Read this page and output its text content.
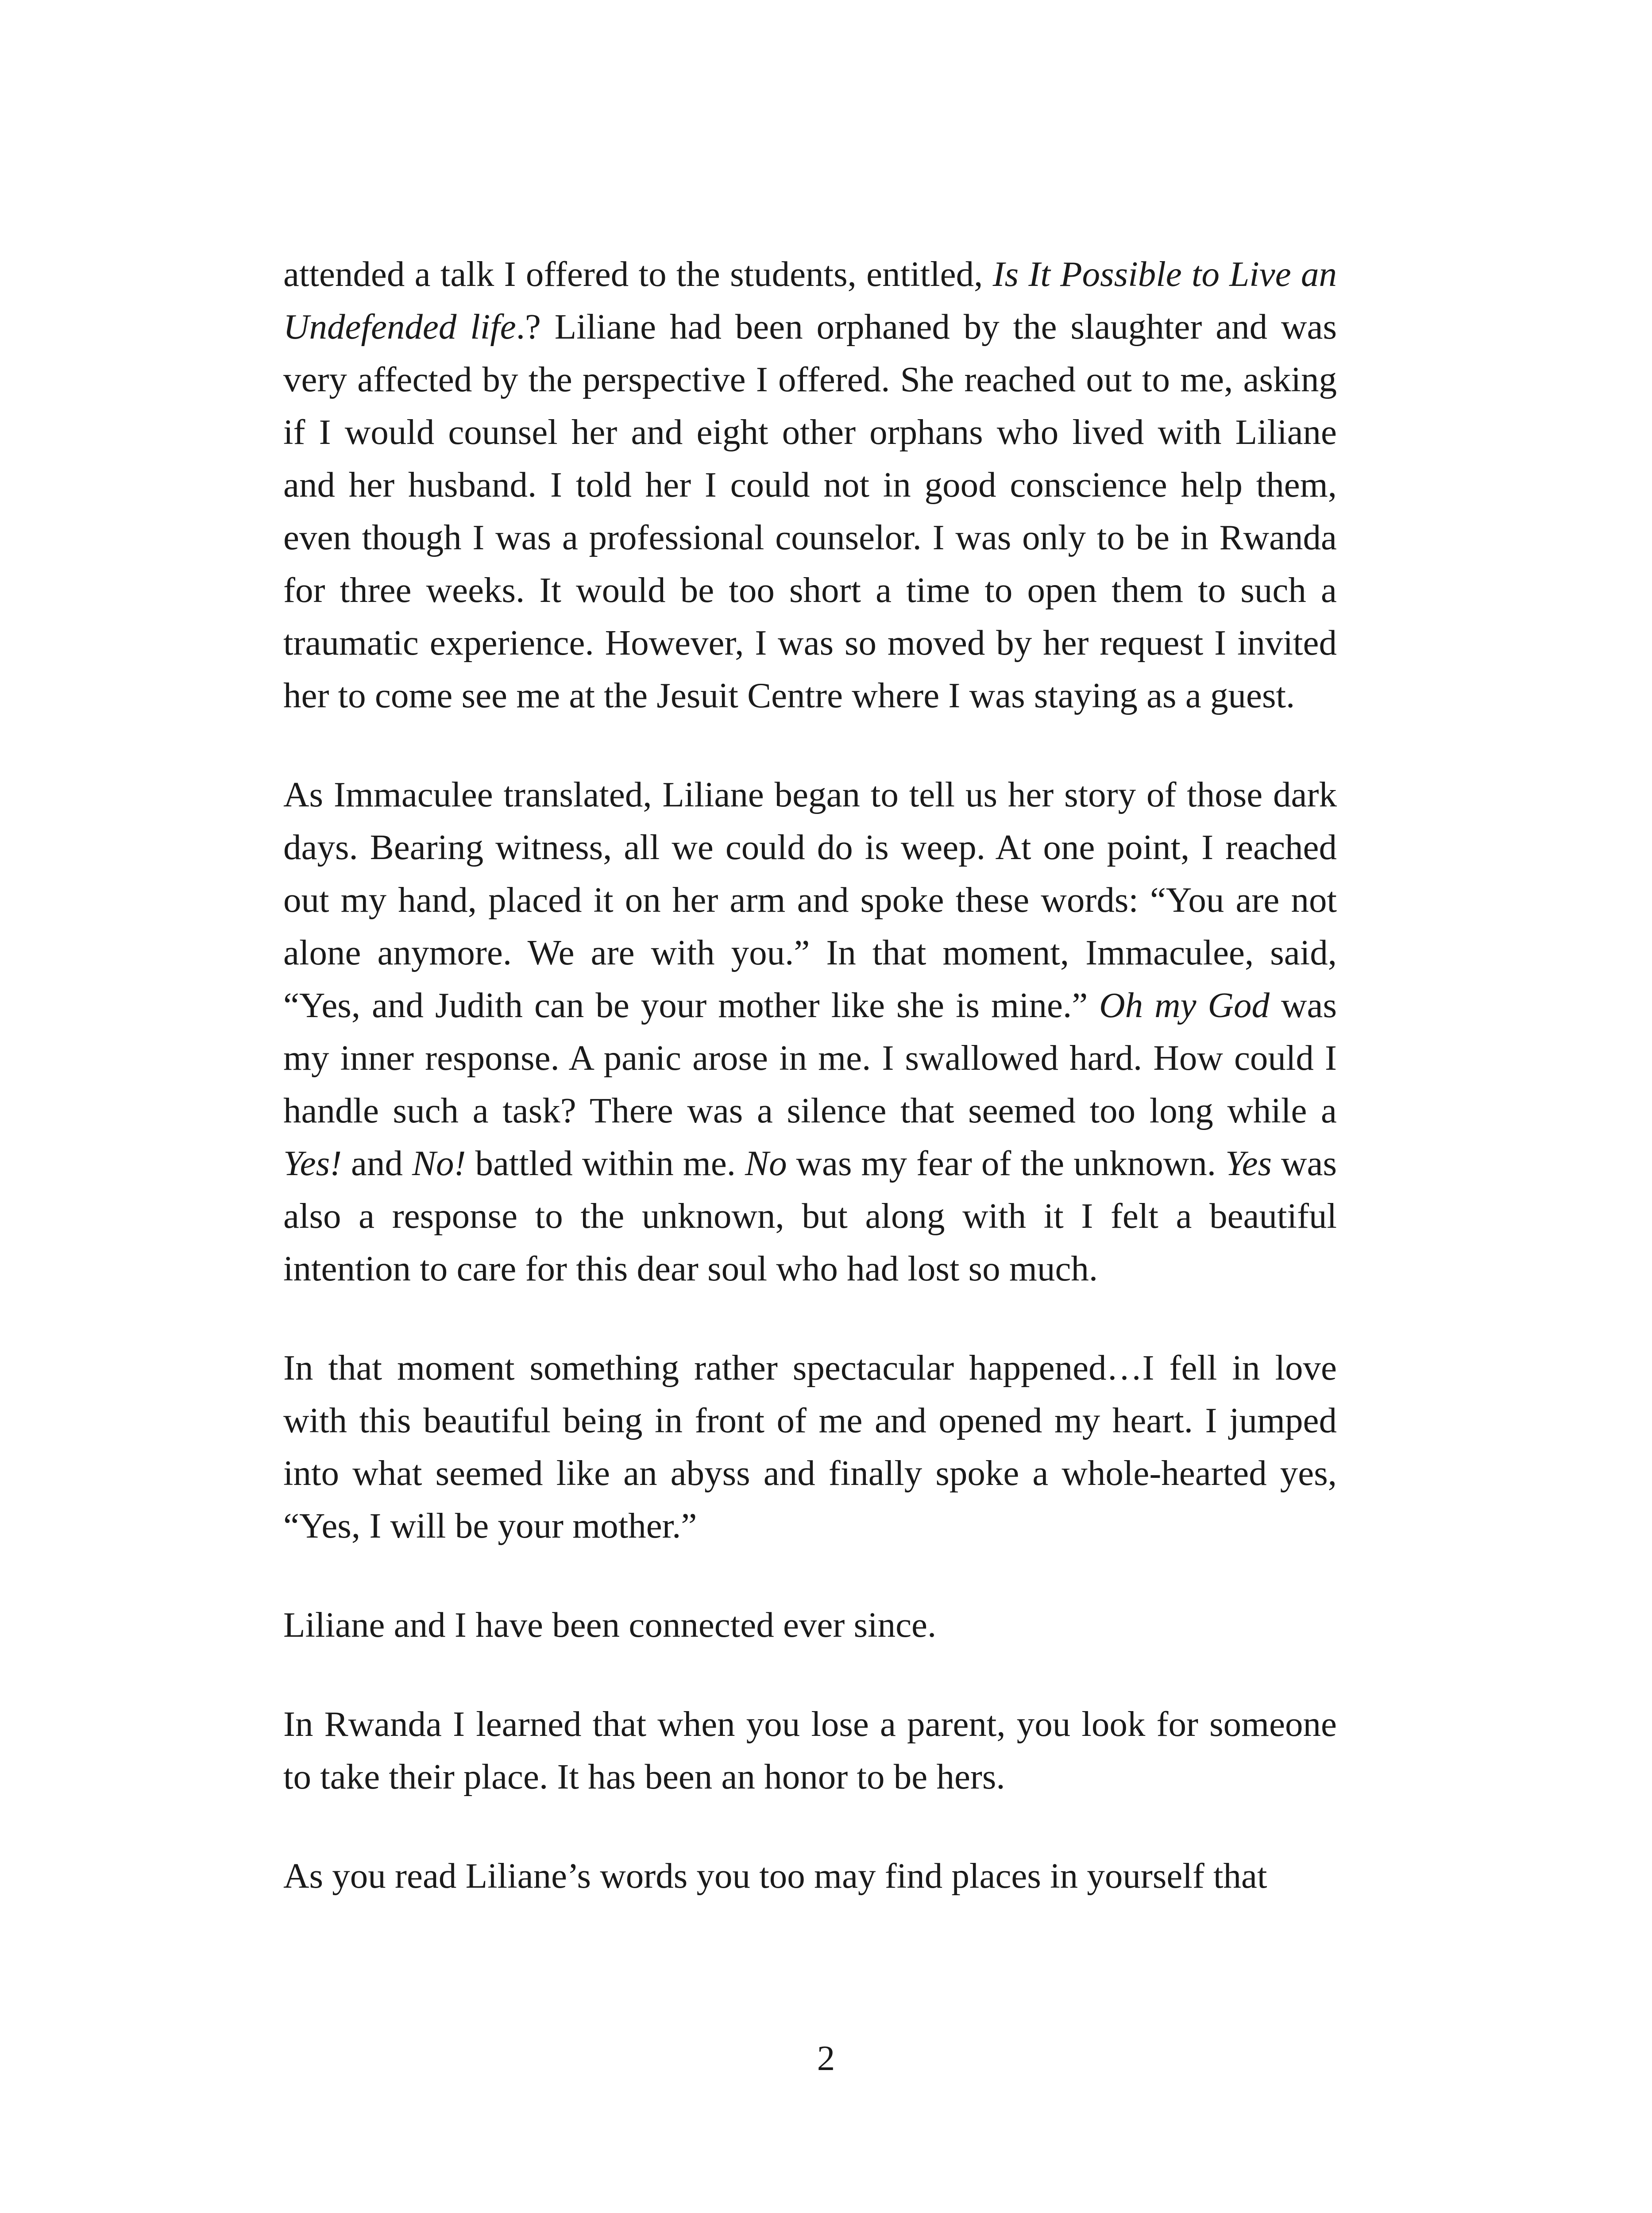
attended a talk I offered to the students, entitled, Is It Possible to Live an Undefended life.? Liliane had been orphaned by the slaughter and was very affected by the perspective I offered. She reached out to me, asking if I would counsel her and eight other orphans who lived with Liliane and her husband. I told her I could not in good conscience help them, even though I was a professional counselor. I was only to be in Rwanda for three weeks. It would be too short a time to open them to such a traumatic experience. However, I was so moved by her request I invited her to come see me at the Jesuit Centre where I was staying as a guest.

As Immaculee translated, Liliane began to tell us her story of those dark days. Bearing witness, all we could do is weep. At one point, I reached out my hand, placed it on her arm and spoke these words: “You are not alone anymore. We are with you.” In that moment, Immaculee, said, “Yes, and Judith can be your mother like she is mine.” Oh my God was my inner response. A panic arose in me. I swallowed hard. How could I handle such a task? There was a silence that seemed too long while a Yes! and No! battled within me. No was my fear of the unknown. Yes was also a response to the unknown, but along with it I felt a beautiful intention to care for this dear soul who had lost so much.

In that moment something rather spectacular happened…I fell in love with this beautiful being in front of me and opened my heart. I jumped into what seemed like an abyss and finally spoke a whole-hearted yes, “Yes, I will be your mother.”

Liliane and I have been connected ever since.

In Rwanda I learned that when you lose a parent, you look for someone to take their place. It has been an honor to be hers.

As you read Liliane’s words you too may find places in yourself that

2
